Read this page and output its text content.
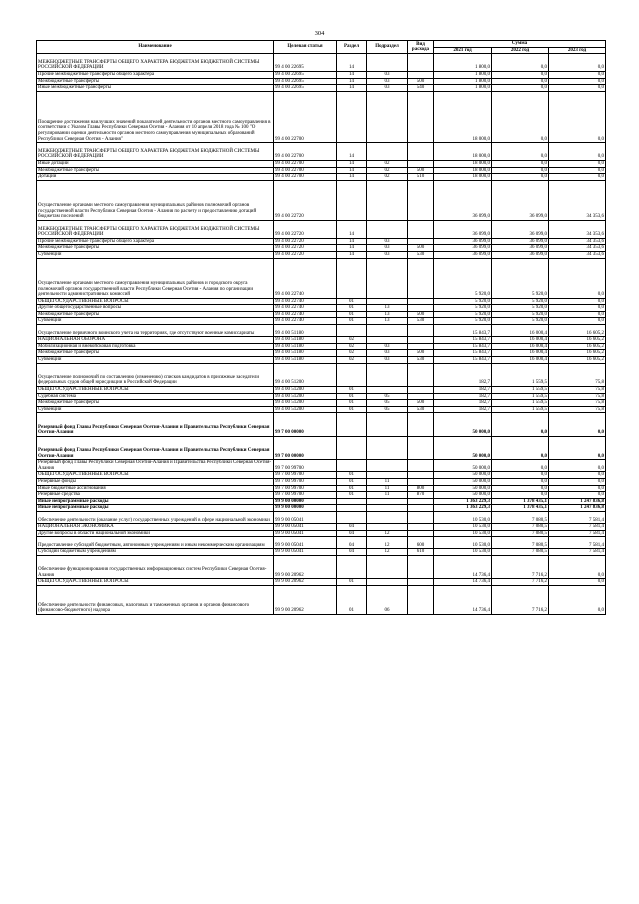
304
Наименование	Целевая статья	Раздел	Подраздел	Вид расхода	Сумма		
					2021 год	2022 год	2023 год
МЕЖБЮДЖЕТНЫЕ ТРАНСФЕРТЫ ОБЩЕГО ХАРАКТЕРА БЮДЖЕТАМ БЮДЖЕТНОЙ СИСТЕМЫ РОССИЙСКОЙ ФЕДЕРАЦИИ	99 4 00 22695	14			1 800,0	0,0	0,0
Прочие межбюджетные трансферты общего характера	99 4 00 22695	14	03		1 800,0	0,0	0,0
Межбюджетные трансферты	99 4 00 22695	14	03	500	1 800,0	0,0	0,0
Иные межбюджетные трансферты	99 4 00 22695	14	03	540	1 800,0	0,0	0,0
Поощрение достижения наилучших значений показателей деятельности органов местного самоуправления в соответствии с Указом Главы Республики Северная Осетия - Алания от 10 апреля 2018 года № 100 "О регулировании оценки деятельности органов местного самоуправления муниципальных образований Республики Северная Осетия - Алания"	99 4 00 22700				18 000,0	0,0	0,0
МЕЖБЮДЖЕТНЫЕ ТРАНСФЕРТЫ ОБЩЕГО ХАРАКТЕРА БЮДЖЕТАМ БЮДЖЕТНОЙ СИСТЕМЫ РОССИЙСКОЙ ФЕДЕРАЦИИ	99 4 00 22700	14			18 000,0	0,0	0,0
Иные дотации	99 4 00 22700	14	02		18 000,0	0,0	0,0
Межбюджетные трансферты	99 4 00 22700	14	02	500	18 000,0	0,0	0,0
Дотации	99 4 00 22700	14	02	510	18 000,0	0,0	0,0
Осуществление органами местного самоуправления муниципальных районов полномочий органов государственной власти Республики Северная Осетия - Алания по расчету и предоставлению дотаций бюджетам поселений	99 4 00 22720				36 099,0	36 099,0	34 353,6
МЕЖБЮДЖЕТНЫЕ ТРАНСФЕРТЫ ОБЩЕГО ХАРАКТЕРА БЮДЖЕТАМ БЮДЖЕТНОЙ СИСТЕМЫ РОССИЙСКОЙ ФЕДЕРАЦИИ	99 4 00 22720	14			36 099,0	36 099,0	34 353,6
Прочие межбюджетные трансферты общего характера	99 4 00 22720	14	03		36 099,0	36 099,0	34 353,6
Межбюджетные трансферты	99 4 00 22720	14	03	500	36 099,0	36 099,0	34 353,6
Субвенции	99 4 00 22720	14	03	530	36 099,0	36 099,0	34 353,6
Осуществление органами местного самоуправления муниципальных районов и городского округа полномочий органов государственной власти Республики Северная Осетия - Алания по организации деятельности административных комиссий	99 4 00 22740				5 920,0	5 920,0	0,0
ОБЩЕГОСУДАРСТВЕННЫЕ ВОПРОСЫ	99 4 00 22740	01			5 920,0	5 920,0	0,0
Другие общегосударственные вопросы	99 4 00 22740	01	13		5 920,0	5 920,0	0,0
Межбюджетные трансферты	99 4 00 22740	01	13	500	5 920,0	5 920,0	0,0
Субвенции	99 4 00 22740	01	13	530	5 920,0	5 920,0	0,0
Осуществление первичного воинского учета на территориях, где отсутствуют военные комиссариаты	99 4 00 51180				15 843,7	16 000,4	16 605,2
НАЦИОНАЛЬНАЯ ОБОРОНА	99 4 00 51180	02			15 843,7	16 000,4	16 605,2
Мобилизационная и вневойсковая подготовка	99 4 00 51180	02	03		15 843,7	16 000,4	16 605,2
Межбюджетные трансферты	99 4 00 51180	02	03	500	15 843,7	16 000,4	16 605,2
Субвенции	99 4 00 51180	02	03	530	15 843,7	16 000,4	16 605,2
Осуществление полномочий по составлению (изменению) списков кандидатов в присяжные заседатели федеральных судов общей юрисдикции в Российской Федерации	99 4 00 51200				182,7	1 559,5	75,8
ОБЩЕГОСУДАРСТВЕННЫЕ ВОПРОСЫ	99 4 00 51200	01			182,7	1 559,5	75,8
Судебная система	99 4 00 51200	01	05		182,7	1 559,5	75,8
Межбюджетные трансферты	99 4 00 51200	01	05	500	182,7	1 559,5	75,8
Субвенции	99 4 00 51200	01	05	530	182,7	1 559,5	75,8
Резервный фонд Главы Республики Северная Осетия-Алания и Правительства Республики Северная Осетия-Алания	99 7 00 00000				50 000,0	0,0	0,0
Резервный фонд Главы Республики Северная Осетия-Алания и Правительства Республики Северная Осетия-Алания	99 7 00 00000				50 000,0	0,0	0,0
Резервный фонд Главы Республики Северная Осетия-Алания и Правительства Республики Северная Осетия-Алания	99 7 00 99700				50 000,0	0,0	0,0
ОБЩЕГОСУДАРСТВЕННЫЕ ВОПРОСЫ	99 7 00 99700	01			50 000,0	0,0	0,0
Резервные фонды	99 7 00 99700	01	11		50 000,0	0,0	0,0
Иные бюджетные ассигнования	99 7 00 99700	01	11	800	50 000,0	0,0	0,0
Резервные средства	99 7 00 99700	01	11	870	50 000,0	0,0	0,0
Иные непрограммные расходы	99 9 00 00000				1 363 229,3	1 378 435,1	1 247 836,8
Иные непрограммные расходы	99 9 00 00000				1 363 229,3	1 378 435,1	1 247 836,8
Обеспечение деятельности (оказание услуг) государственных учреждений в сфере национальной экономики	99 9 00 05041				10 530,0	7 080,5	7 581,4
НАЦИОНАЛЬНАЯ ЭКОНОМИКА	99 9 00 05041	04			10 530,0	7 080,5	7 581,4
Другие вопросы в области национальной экономики	99 9 00 05041	04	12		10 530,0	7 080,5	7 581,4
Предоставление субсидий бюджетным, автономным учреждениям и иным некоммерческим организациям	99 9 00 05041	04	12	600	10 530,0	7 080,5	7 581,4
Субсидии бюджетным учреждениям	99 9 00 05041	04	12	610	10 530,0	7 080,5	7 581,4
Обеспечение функционирования государственных информационных систем Республики Северная Осетия-Алания	99 9 00 20962				14 736,4	7 716,2	0,0
ОБЩЕГОСУДАРСТВЕННЫЕ ВОПРОСЫ	99 9 00 20962	01			14 736,4	7 716,2	0,0
Обеспечение деятельности финансовых, налоговых и таможенных органов и органов финансового (финансово-бюджетного) надзора	99 9 00 20962	01	06		14 736,4	7 716,2	0,0
